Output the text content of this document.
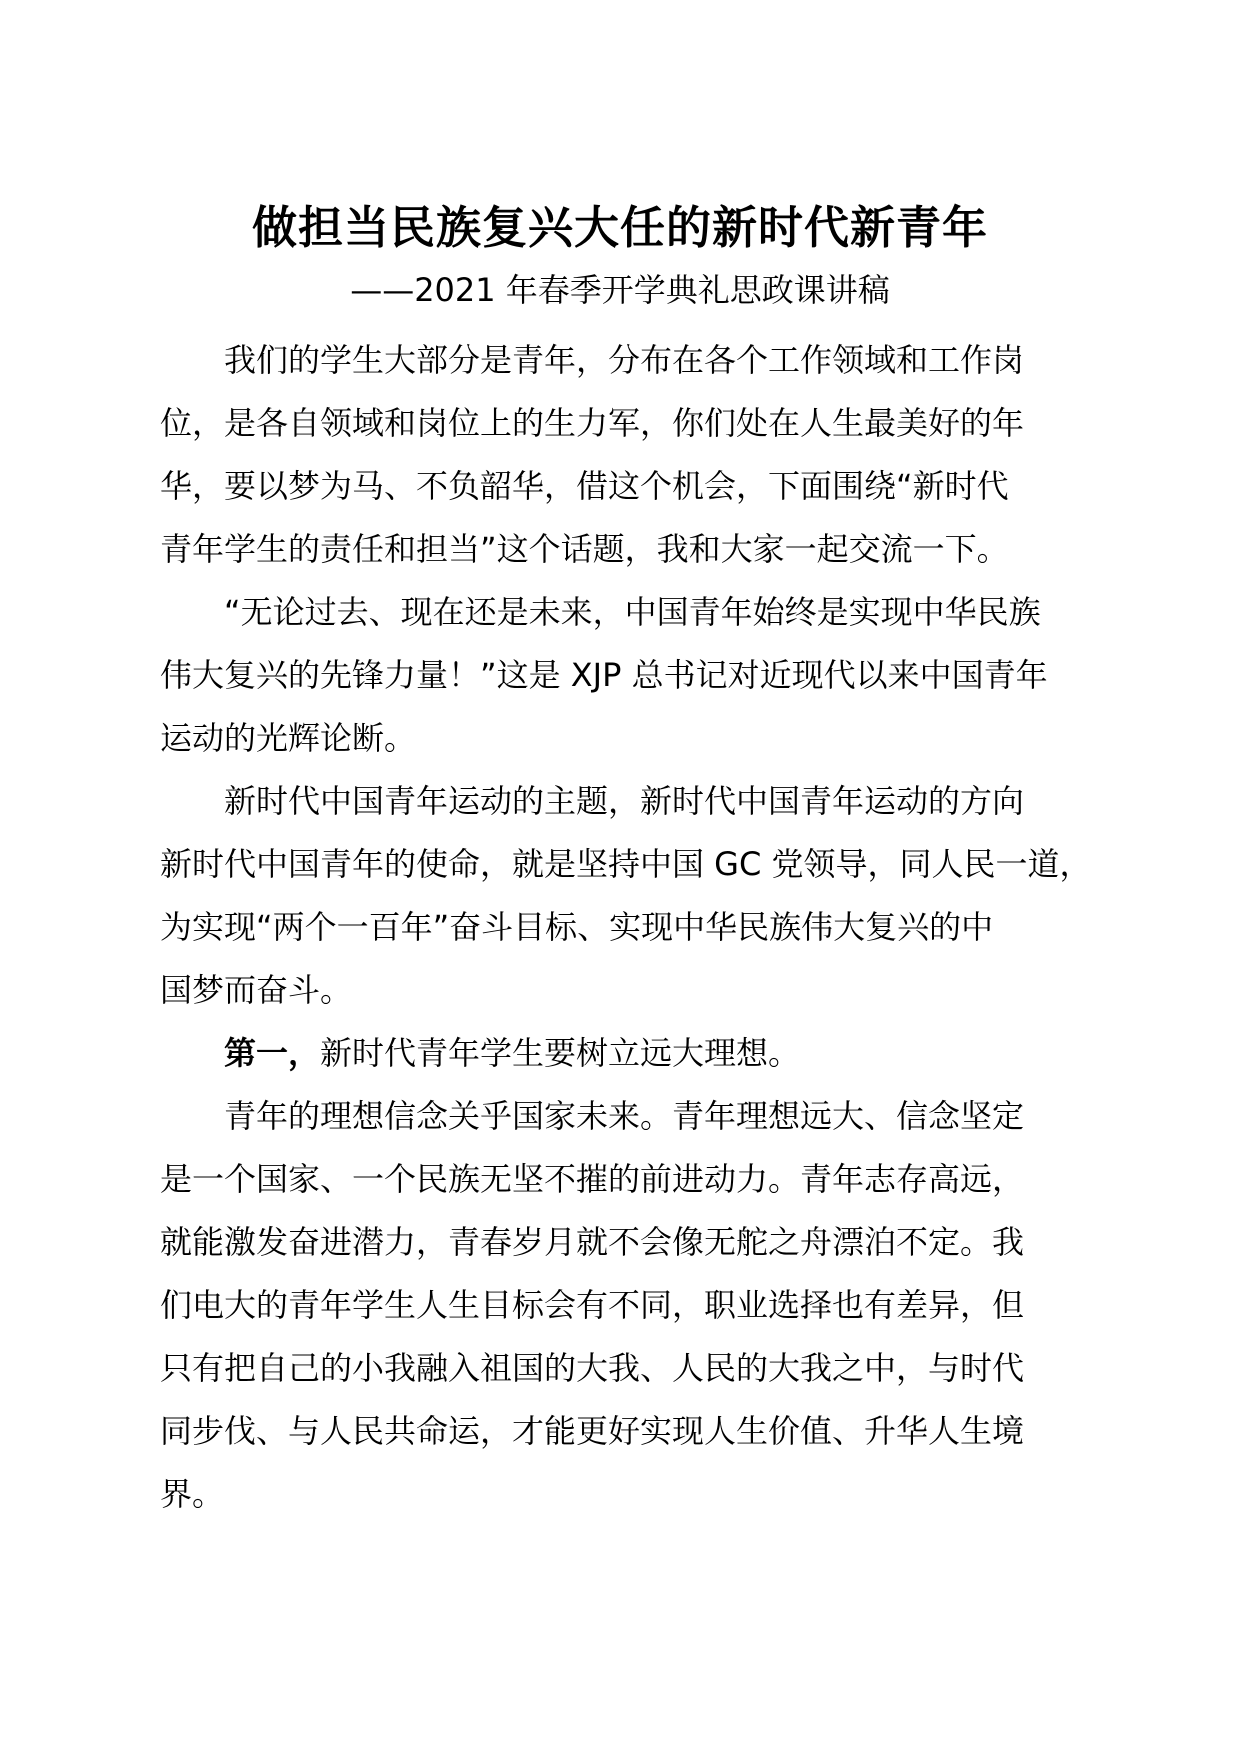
做担当民族复兴大任的新时代新青年
——2021 年春季开学典礼思政课讲稿
我们的学生大部分是青年，分布在各个工作领域和工作岗
位，是各自领域和岗位上的生力军，你们处在人生最美好的年
华，要以梦为马、不负韶华，借这个机会，下面围绕“新时代
青年学生的责任和担当”这个话题，我和大家一起交流一下。
“无论过去、现在还是未来，中国青年始终是实现中华民族
伟大复兴的先锋力量！”这是 XJP 总书记对近现代以来中国青年
运动的光辉论断。
新时代中国青年运动的主题，新时代中国青年运动的方向
新时代中国青年的使命，就是坚持中国 GC 党领导，同人民一道，
为实现“两个一百年”奋斗目标、实现中华民族伟大复兴的中
国梦而奋斗。
第一，新时代青年学生要树立远大理想。
青年的理想信念关乎国家未来。青年理想远大、信念坚定
是一个国家、一个民族无坚不摧的前进动力。青年志存高远，
就能激发奋进潜力，青春岁月就不会像无舵之舟漂泊不定。我
们电大的青年学生人生目标会有不同，职业选择也有差异，但
只有把自己的小我融入祖国的大我、人民的大我之中，与时代
同步伐、与人民共命运，才能更好实现人生价值、升华人生境
界。
